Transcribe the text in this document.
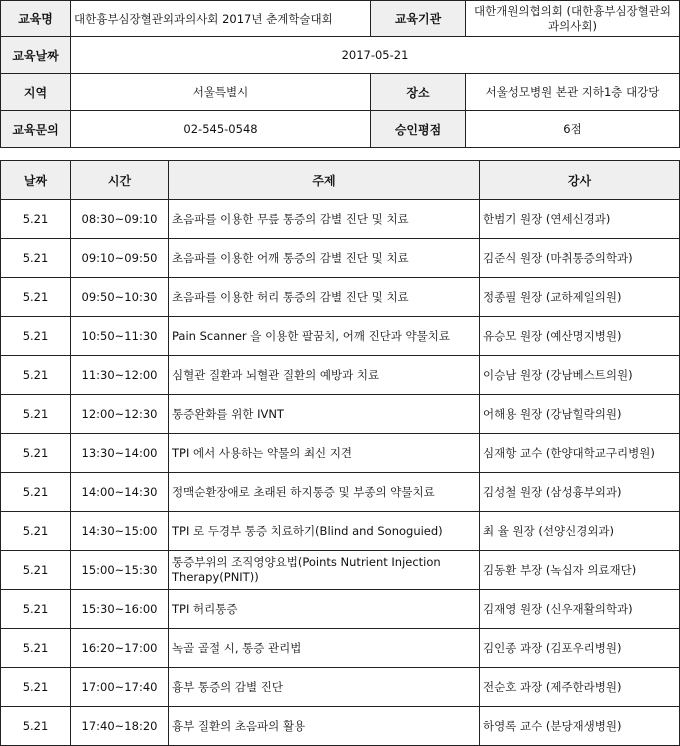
교육명	대한흉부심장혈관외과의사회 2017년 춘계학술대회	교육기관	대한개원의협의회 (대한흉부심장혈관외과의사회)
교육날짜	2017-05-21		
지역	서울특별시	장소	서울성모병원 본관 지하1층 대강당
교육문의	02-545-0548	승인평점	6점
날짜	시간	주제	강사
5.21	08:30~09:10	초음파를 이용한 무릎 통증의 감별 진단 및 치료	한범기 원장 (연세신경과)
5.21	09:10~09:50	초음파를 이용한 어깨 통증의 감별 진단 및 치료	김준식 원장 (마취통증의학과)
5.21	09:50~10:30	초음파를 이용한 허리 통증의 감별 진단 및 치료	정종필 원장 (교하제일의원)
5.21	10:50~11:30	Pain Scanner 을 이용한 팔꿈치, 어깨 진단과 약물치료	유승모 원장 (예산명지병원)
5.21	11:30~12:00	심혈관 질환과 뇌혈관 질환의 예방과 치료	이승남 원장 (강남베스트의원)
5.21	12:00~12:30	통증완화를 위한 IVNT	어해용 원장 (강남힐락의원)
5.21	13:30~14:00	TPI 에서 사용하는 약물의 최신 지견	심재항 교수 (한양대학교구리병원)
5.21	14:00~14:30	정맥순환장애로 초래된 하지통증 및 부종의 약물치료	김성철 원장 (삼성흉부외과)
5.21	14:30~15:00	TPI 로 두경부 통증 치료하기(Blind and Sonoguied)	최 율 원장 (선양신경외과)
5.21	15:00~15:30	통증부위의 조직영양요법(Points Nutrient Injection Therapy(PNIT))	김동환 부장 (녹십자 의료재단)
5.21	15:30~16:00	TPI 허리통증	김재영 원장 (신우재활의학과)
5.21	16:20~17:00	녹골 골절 시, 통증 관리법	김인종 과장 (김포우리병원)
5.21	17:00~17:40	흉부 통증의 감별 진단	전순호 과장 (제주한라병원)
5.21	17:40~18:20	흉부 질환의 초음파의 활용	하영록 교수 (분당재생병원)
